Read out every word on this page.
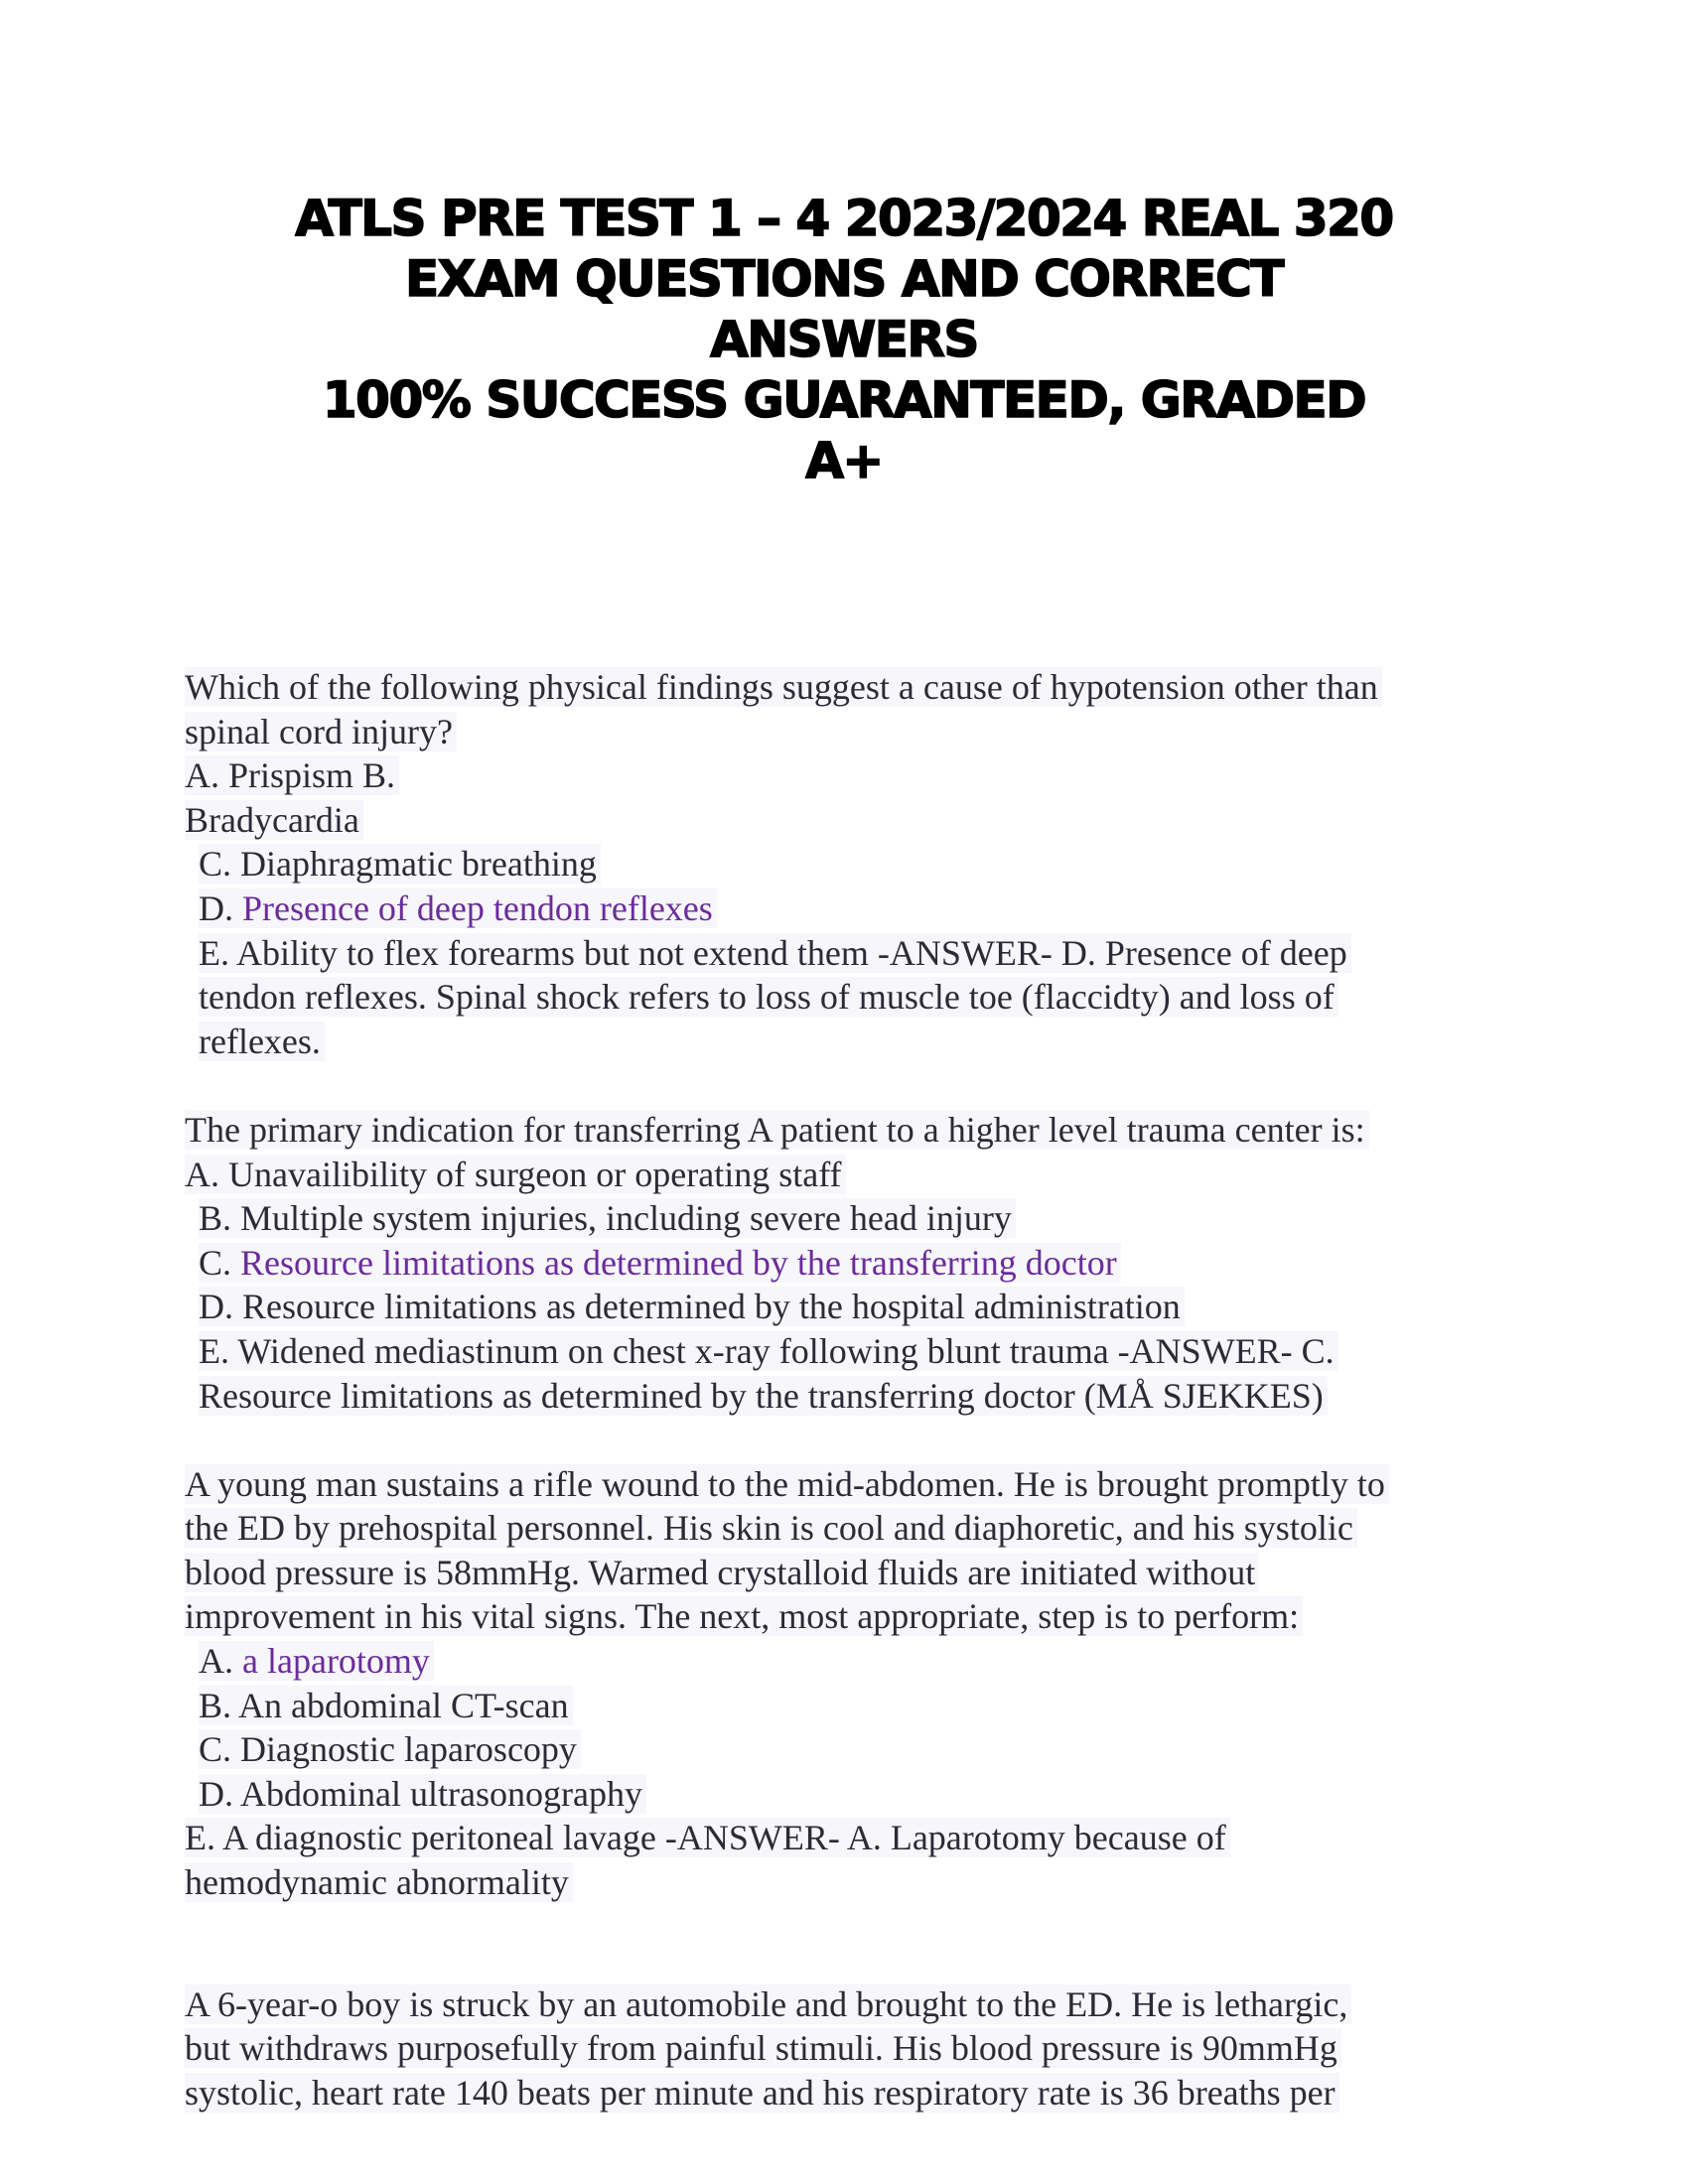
ATLS PRE TEST 1 – 4 2023/2024 REAL 320
EXAM QUESTIONS AND CORRECT
ANSWERS
100% SUCCESS GUARANTEED, GRADED
A+
Which of the following physical findings suggest a cause of hypotension other than
spinal cord injury?
A. Prispism B.
Bradycardia
C. Diaphragmatic breathing
D. Presence of deep tendon reflexes
E. Ability to flex forearms but not extend them -ANSWER- D. Presence of deep
tendon reflexes. Spinal shock refers to loss of muscle toe (flaccidty) and loss of
reflexes.
The primary indication for transferring A patient to a higher level trauma center is:
A. Unavailibility of surgeon or operating staff
B. Multiple system injuries, including severe head injury
C. Resource limitations as determined by the transferring doctor
D. Resource limitations as determined by the hospital administration
E. Widened mediastinum on chest x-ray following blunt trauma -ANSWER- C.
Resource limitations as determined by the transferring doctor (MÅ SJEKKES)
A young man sustains a rifle wound to the mid-abdomen. He is brought promptly to
the ED by prehospital personnel. His skin is cool and diaphoretic, and his systolic
blood pressure is 58mmHg. Warmed crystalloid fluids are initiated without
improvement in his vital signs. The next, most appropriate, step is to perform:
A. a laparotomy
B. An abdominal CT-scan
C. Diagnostic laparoscopy
D. Abdominal ultrasonography
E. A diagnostic peritoneal lavage -ANSWER- A. Laparotomy because of
hemodynamic abnormality
A 6-year-o boy is struck by an automobile and brought to the ED. He is lethargic,
but withdraws purposefully from painful stimuli. His blood pressure is 90mmHg
systolic, heart rate 140 beats per minute and his respiratory rate is 36 breaths per
